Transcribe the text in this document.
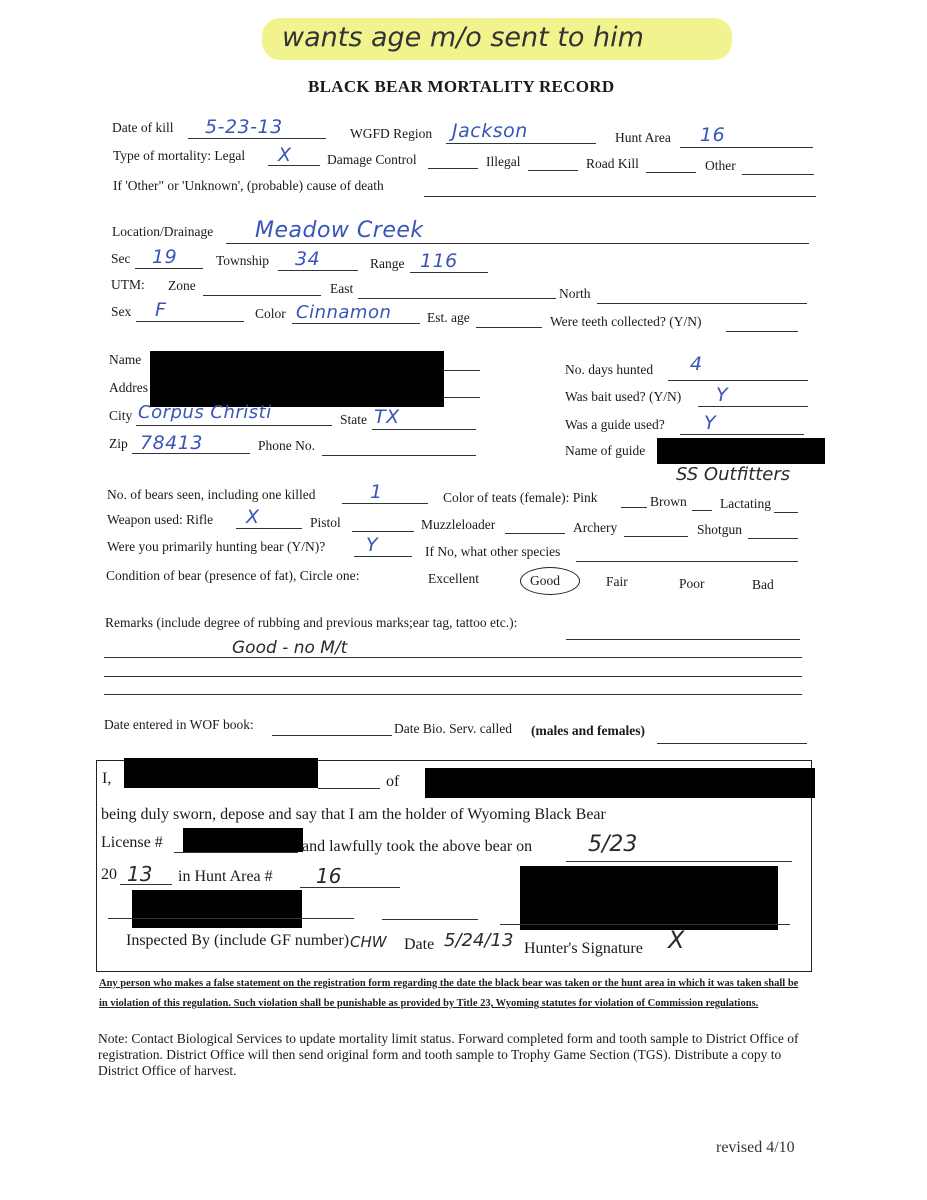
wants age m/o sent to him
BLACK BEAR MORTALITY RECORD
Date of kill 5-23-13	WGFD Region Jackson	Hunt Area 16
Type of mortality: Legal X	Damage Control	Illegal	Road Kill	Other
If 'Other" or 'Unknown', (probable) cause of death
Location/Drainage Meadow Creek
Sec 19	Township 34	Range 116
UTM: Zone	East	North
Sex F	Color Cinnamon	Est. age	Were teeth collected? (Y/N)
Name
Addres
City Corpus Christi	State TX
Zip 78413	Phone No.
No. days hunted 4
Was bait used? (Y/N) Y
Was a guide used? Y
Name of guide
SS Outfitters
No. of bears seen, including one killed	1	Color of teats (female): Pink	Brown Lactating
Weapon used: Rifle X	Pistol	Muzzleloader	Archery	Shotgun
Were you primarily hunting bear (Y/N)? Y	If No, what other species
Condition of bear (presence of fat), Circle one:	Excellent	Good	Fair	Poor	Bad
Remarks (include degree of rubbing and previous marks;ear tag, tattoo etc.):
Good - no M/t
Date entered in WOF book:	Date Bio. Serv. called (males and females)
I,	of
being duly sworn, depose and say that I am the holder of Wyoming Black Bear
License #	and lawfully took the above bear on	5/23
20 13 in Hunt Area # 16
Inspected By (include GF number) CHW Date 5/24/13 Hunter's Signature X
Any person who makes a false statement on the registration form regarding the date the black bear was taken or the hunt area in which it was taken shall be in violation of this regulation. Such violation shall be punishable as provided by Title 23, Wyoming statutes for violation of Commission regulations.
Note: Contact Biological Services to update mortality limit status. Forward completed form and tooth sample to District Office of registration. District Office will then send original form and tooth sample to Trophy Game Section (TGS). Distribute a copy to District Office of harvest.
revised 4/10
